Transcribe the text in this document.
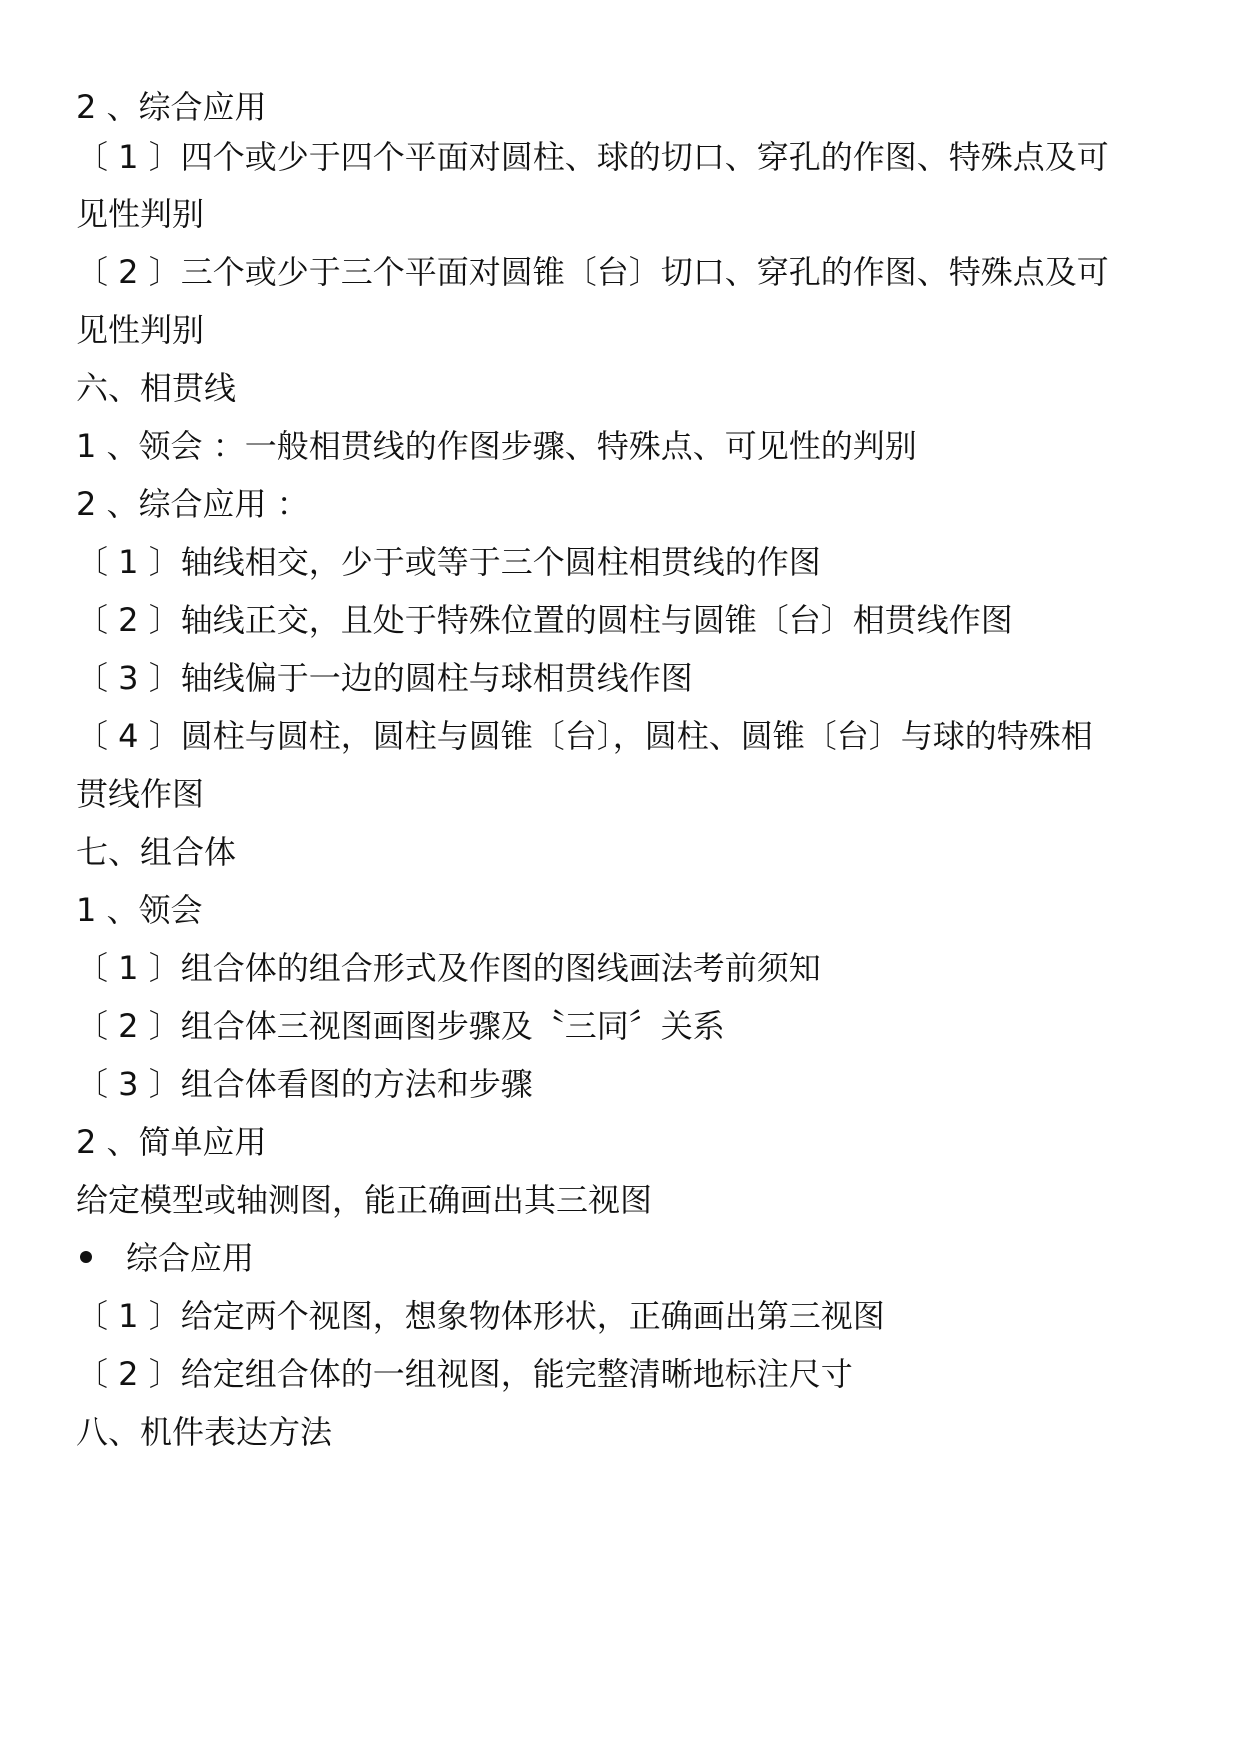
2 、综合应用
〔 1 〕四个或少于四个平面对圆柱、球的切口、穿孔的作图、特殊点及可
见性判别
〔 2 〕三个或少于三个平面对圆锥〔台〕切口、穿孔的作图、特殊点及可
见性判别
六、相贯线
1 、领会 ：一般相贯线的作图步骤、特殊点、可见性的判别
2 、综合应用 ：
〔 1 〕轴线相交，少于或等于三个圆柱相贯线的作图
〔 2 〕轴线正交，且处于特殊位置的圆柱与圆锥〔台〕相贯线作图
〔 3 〕轴线偏于一边的圆柱与球相贯线作图
〔 4 〕圆柱与圆柱，圆柱与圆锥〔台〕，圆柱、圆锥〔台〕与球的特殊相
贯线作图
七、组合体
1 、领会
〔 1 〕组合体的组合形式及作图的图线画法考前须知
〔 2 〕组合体三视图画图步骤及〝三同〞关系
〔 3 〕组合体看图的方法和步骤
2 、简单应用
给定模型或轴测图，能正确画出其三视图
综合应用
〔 1 〕给定两个视图，想象物体形状，正确画出第三视图
〔 2 〕给定组合体的一组视图，能完整清晰地标注尺寸
八、机件表达方法
